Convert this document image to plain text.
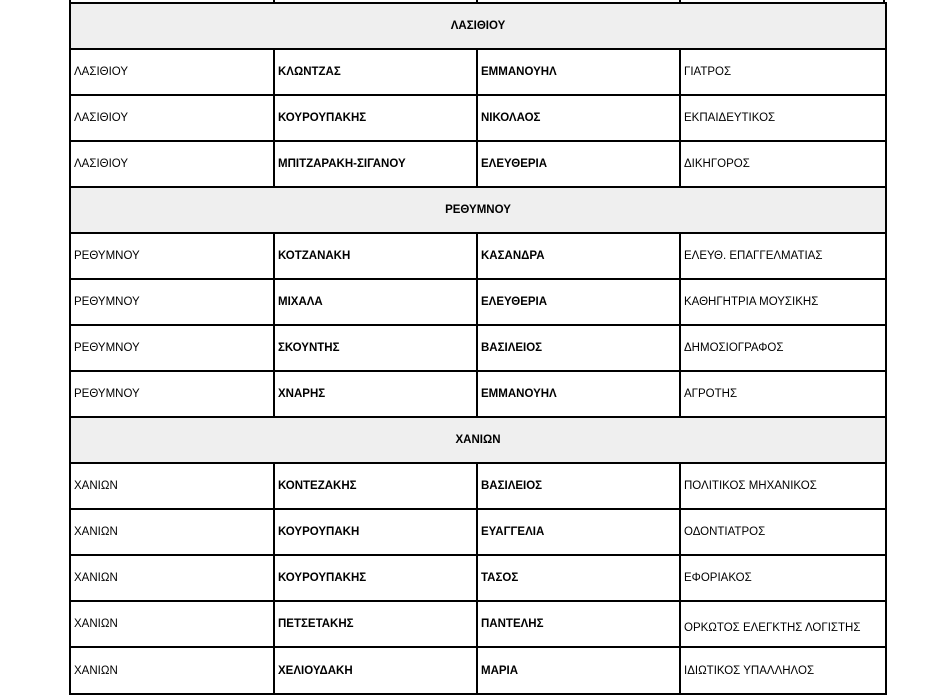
ΛΑΣΙΘΙΟΥ			
ΛΑΣΙΘΙΟΥ	ΚΛΩΝΤΖΑΣ	ΕΜΜΑΝΟΥΗΛ	ΓΙΑΤΡΟΣ
ΛΑΣΙΘΙΟΥ	ΚΟΥΡΟΥΠΑΚΗΣ	ΝΙΚΟΛΑΟΣ	ΕΚΠΑΙΔΕΥΤΙΚΟΣ
ΛΑΣΙΘΙΟΥ	ΜΠΙΤΖΑΡΑΚΗ-ΣΙΓΑΝΟΥ	ΕΛΕΥΘΕΡΙΑ	ΔΙΚΗΓΟΡΟΣ
ΡΕΘΥΜΝΟΥ			
ΡΕΘΥΜΝΟΥ	ΚΟΤΖΑΝΑΚΗ	ΚΑΣΑΝΔΡΑ	ΕΛΕΥΘ. ΕΠΑΓΓΕΛΜΑΤΙΑΣ
ΡΕΘΥΜΝΟΥ	ΜΙΧΑΛΑ	ΕΛΕΥΘΕΡΙΑ	ΚΑΘΗΓΗΤΡΙΑ ΜΟΥΣΙΚΗΣ
ΡΕΘΥΜΝΟΥ	ΣΚΟΥΝΤΗΣ	ΒΑΣΙΛΕΙΟΣ	ΔΗΜΟΣΙΟΓΡΑΦΟΣ
ΡΕΘΥΜΝΟΥ	ΧΝΑΡΗΣ	ΕΜΜΑΝΟΥΗΛ	ΑΓΡΟΤΗΣ
ΧΑΝΙΩΝ			
ΧΑΝΙΩΝ	ΚΟΝΤΕΖΑΚΗΣ	ΒΑΣΙΛΕΙΟΣ	ΠΟΛΙΤΙΚΟΣ ΜΗΧΑΝΙΚΟΣ
ΧΑΝΙΩΝ	ΚΟΥΡΟΥΠΑΚΗ	ΕΥΑΓΓΕΛΙΑ	ΟΔΟΝΤΙΑΤΡΟΣ
ΧΑΝΙΩΝ	ΚΟΥΡΟΥΠΑΚΗΣ	ΤΑΣΟΣ	ΕΦΟΡΙΑΚΟΣ
ΧΑΝΙΩΝ	ΠΕΤΣΕΤΑΚΗΣ	ΠΑΝΤΕΛΗΣ	ΟΡΚΩΤΟΣ ΕΛΕΓΚΤΗΣ ΛΟΓΙΣΤΗΣ
ΧΑΝΙΩΝ	ΧΕΛΙΟΥΔΑΚΗ	ΜΑΡΙΑ	ΙΔΙΩΤΙΚΟΣ ΥΠΑΛΛΗΛΟΣ
